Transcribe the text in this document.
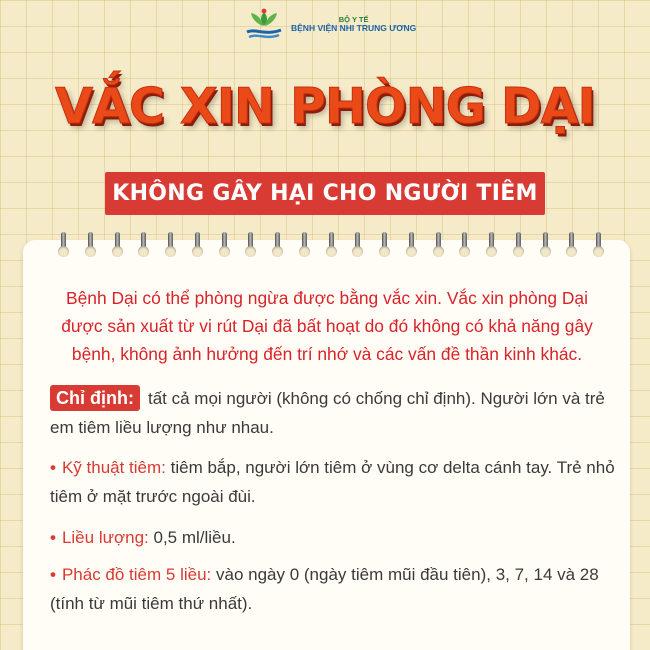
BỘ Y TẾ
BỆNH VIỆN NHI TRUNG ƯƠNG
VẮC XIN PHÒNG DẠI
KHÔNG GÂY HẠI CHO NGƯỜI TIÊM

Bệnh Dại có thể phòng ngừa được bằng vắc xin. Vắc xin phòng Dại được sản xuất từ vi rút Dại đã bất hoạt do đó không có khả năng gây bệnh, không ảnh hưởng đến trí nhớ và các vấn đề thần kinh khác.

Chỉ định: tất cả mọi người (không có chống chỉ định). Người lớn và trẻ em tiêm liều lượng như nhau.

• Kỹ thuật tiêm: tiêm bắp, người lớn tiêm ở vùng cơ delta cánh tay. Trẻ nhỏ tiêm ở mặt trước ngoài đùi.

• Liều lượng: 0,5 ml/liều.

• Phác đồ tiêm 5 liều: vào ngày 0 (ngày tiêm mũi đầu tiên), 3, 7, 14 và 28 (tính từ mũi tiêm thứ nhất).
